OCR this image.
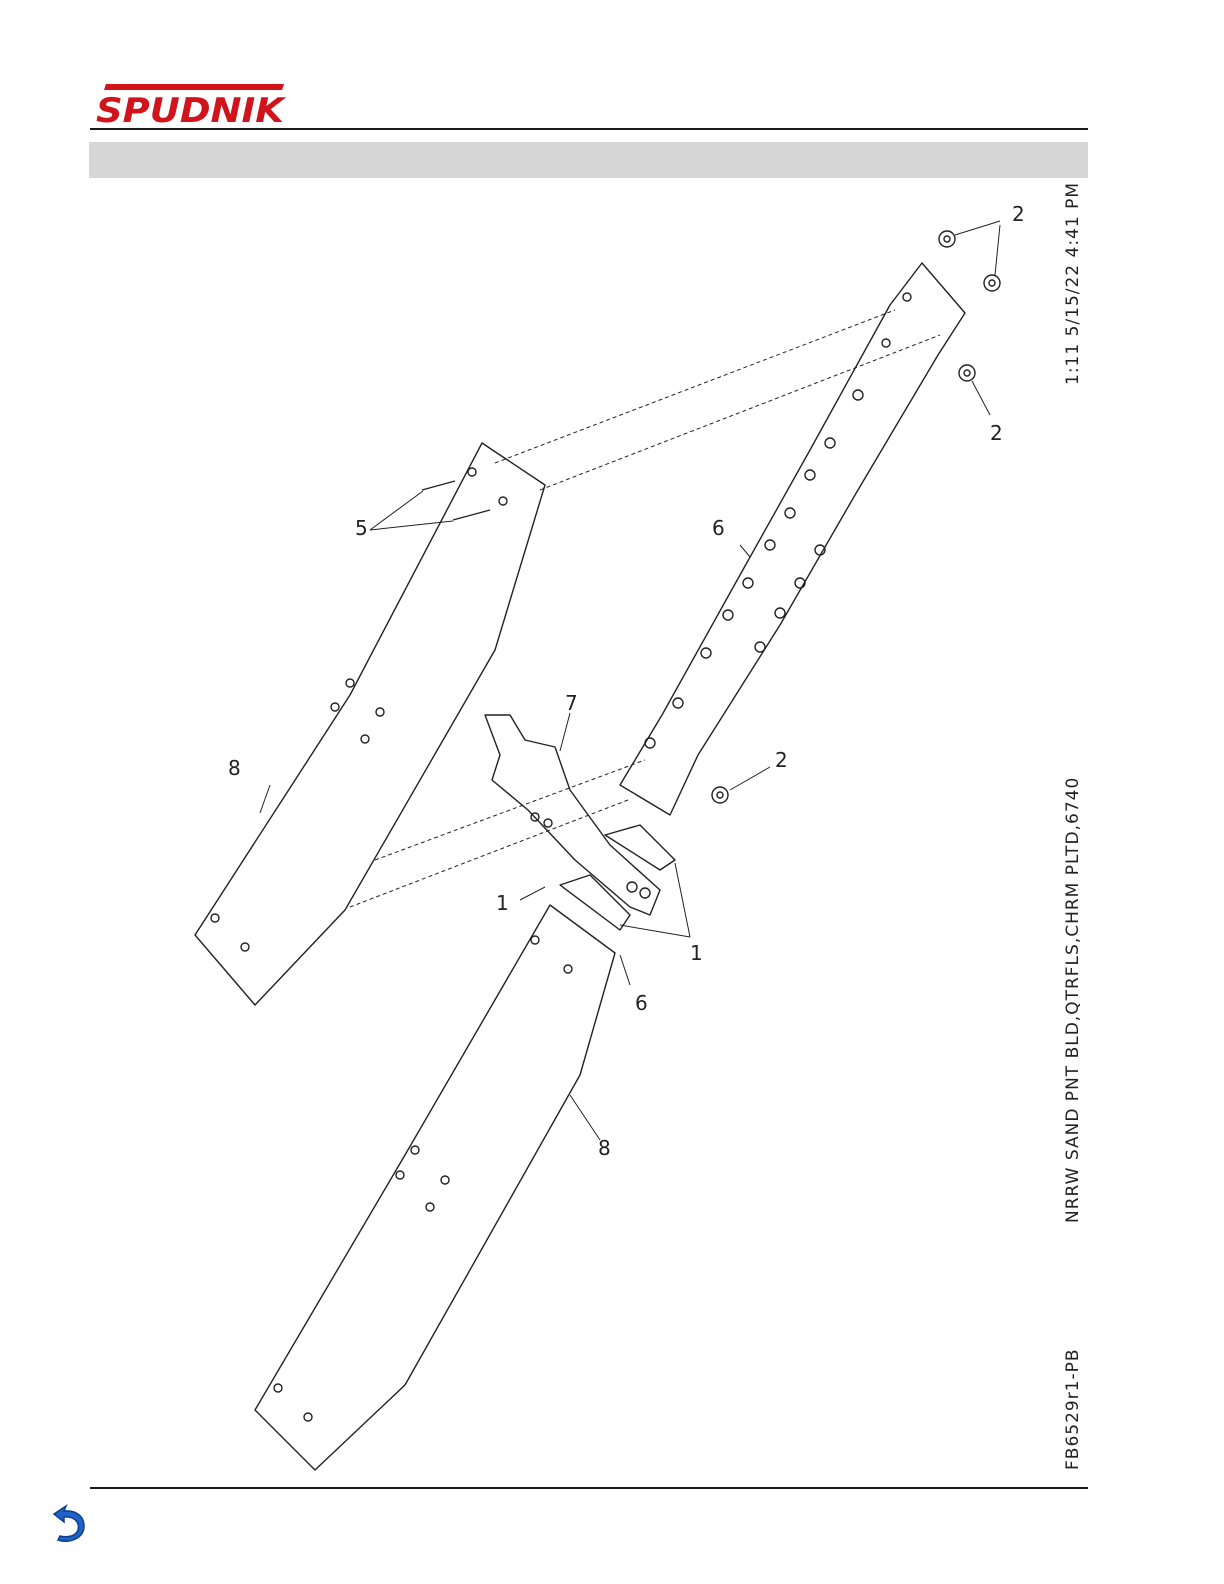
SPUDNIK
2
2
2
6
5
7
8
1
1
6
8
1:11 5/15/22 4:41 PM
NRRW SAND PNT BLD,QTRFLS,CHRM PLTD,6740
FB6529r1-PB
